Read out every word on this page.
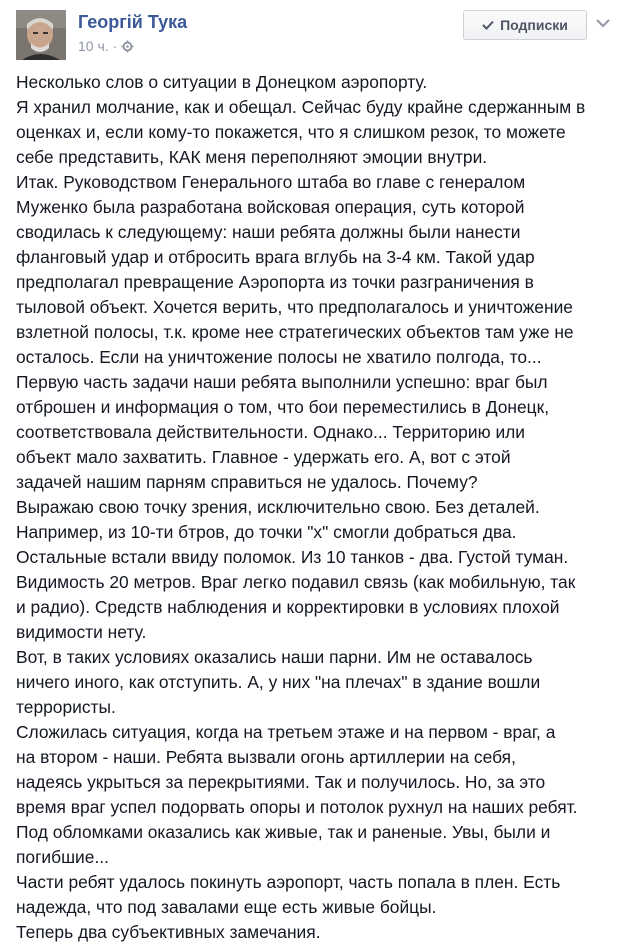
Георгій Тука
10 ч. ·
Подписки
Несколько слов о ситуации в Донецком аэропорту.
Я хранил молчание, как и обещал. Сейчас буду крайне сдержанным в
оценках и, если кому-то покажется, что я слишком резок, то можете
себе представить, КАК меня переполняют эмоции внутри.
Итак. Руководством Генерального штаба во главе с генералом
Муженко была разработана войсковая операция, суть которой
сводилась к следующему: наши ребята должны были нанести
фланговый удар и отбросить врага вглубь на 3-4 км. Такой удар
предполагал превращение Аэропорта из точки разграничения в
тыловой объект. Хочется верить, что предполагалось и уничтожение
взлетной полосы, т.к. кроме нее стратегических объектов там уже не
осталось. Если на уничтожение полосы не хватило полгода, то...
Первую часть задачи наши ребята выполнили успешно: враг был
отброшен и информация о том, что бои переместились в Донецк,
соответствовала действительности. Однако... Территорию или
объект мало захватить. Главное - удержать его. А, вот с этой
задачей нашим парням справиться не удалось. Почему?
Выражаю свою точку зрения, исключительно свою. Без деталей.
Например, из 10-ти бтров, до точки "х" смогли добраться два.
Остальные встали ввиду поломок. Из 10 танков - два. Густой туман.
Видимость 20 метров. Враг легко подавил связь (как мобильную, так
и радио). Средств наблюдения и корректировки в условиях плохой
видимости нету.
Вот, в таких условиях оказались наши парни. Им не оставалось
ничего иного, как отступить. А, у них "на плечах" в здание вошли
террористы.
Сложилась ситуация, когда на третьем этаже и на первом - враг, а
на втором - наши. Ребята вызвали огонь артиллерии на себя,
надеясь укрыться за перекрытиями. Так и получилось. Но, за это
время враг успел подорвать опоры и потолок рухнул на наших ребят.
Под обломками оказались как живые, так и раненые. Увы, были и
погибшие...
Части ребят удалось покинуть аэропорт, часть попала в плен. Есть
надежда, что под завалами еще есть живые бойцы.
Теперь два субъективных замечания.
